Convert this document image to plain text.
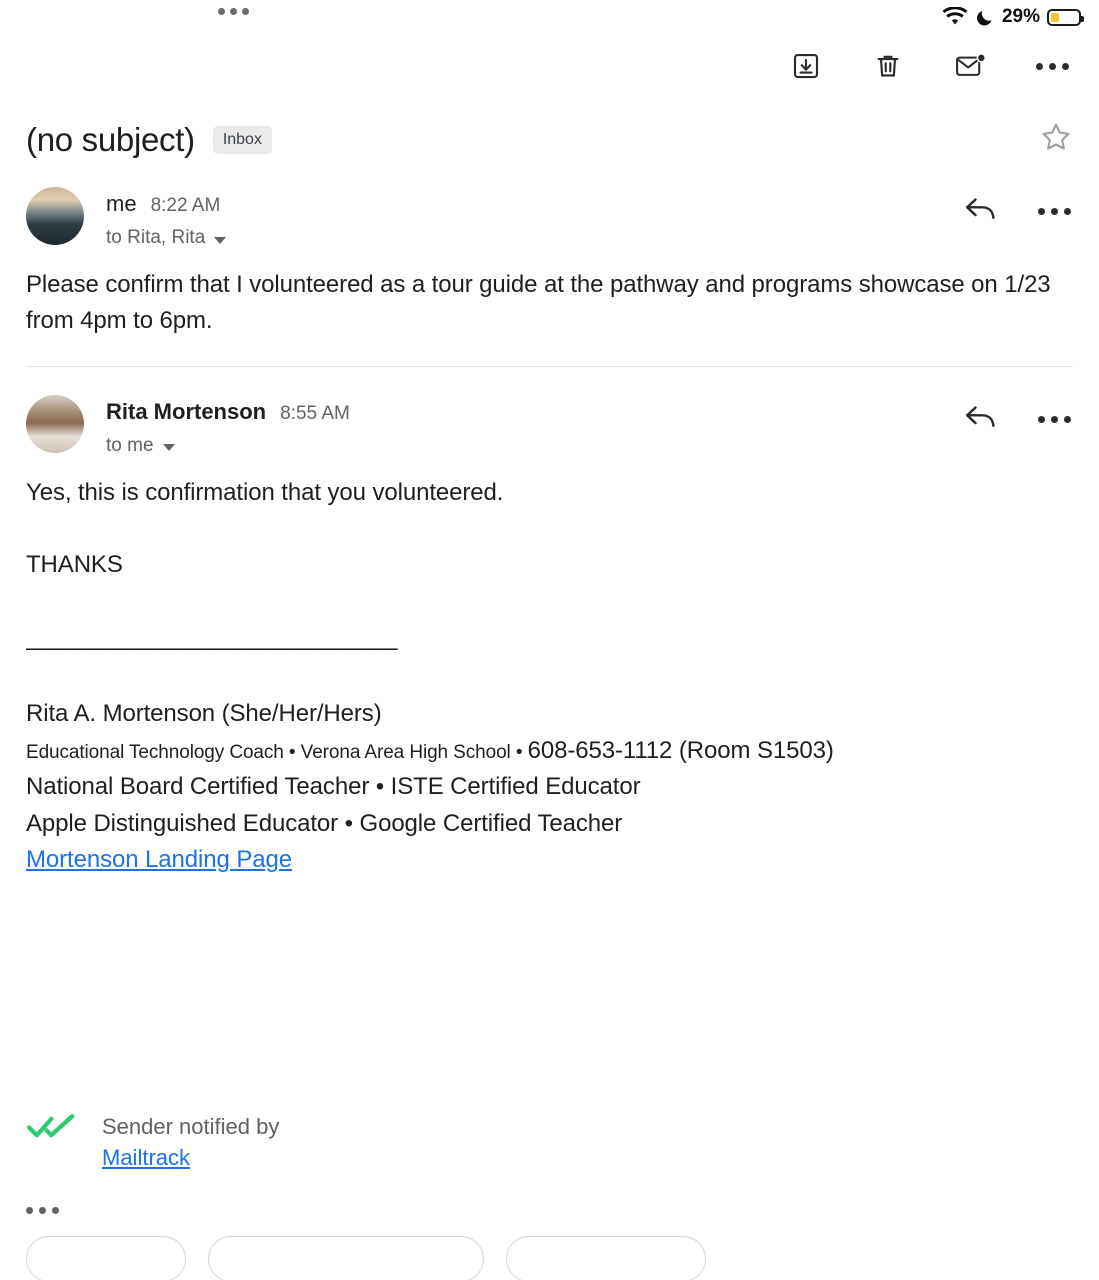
29%
(no subject)	Inbox
me 8:22 AM
to Rita, Rita
Please confirm that I volunteered as a tour guide at the pathway and programs showcase on 1/23 from 4pm to 6pm.
Rita Mortenson 8:55 AM
to me

Yes, this is confirmation that you volunteered.

THANKS

______________________________
Rita A. Mortenson (She/Her/Hers)
Educational Technology Coach • Verona Area High School • 608-653-1112 (Room S1503)
National Board Certified Teacher • ISTE Certified Educator
Apple Distinguished Educator • Google Certified Teacher
Mortenson Landing Page
Sender notified by
Mailtrack
